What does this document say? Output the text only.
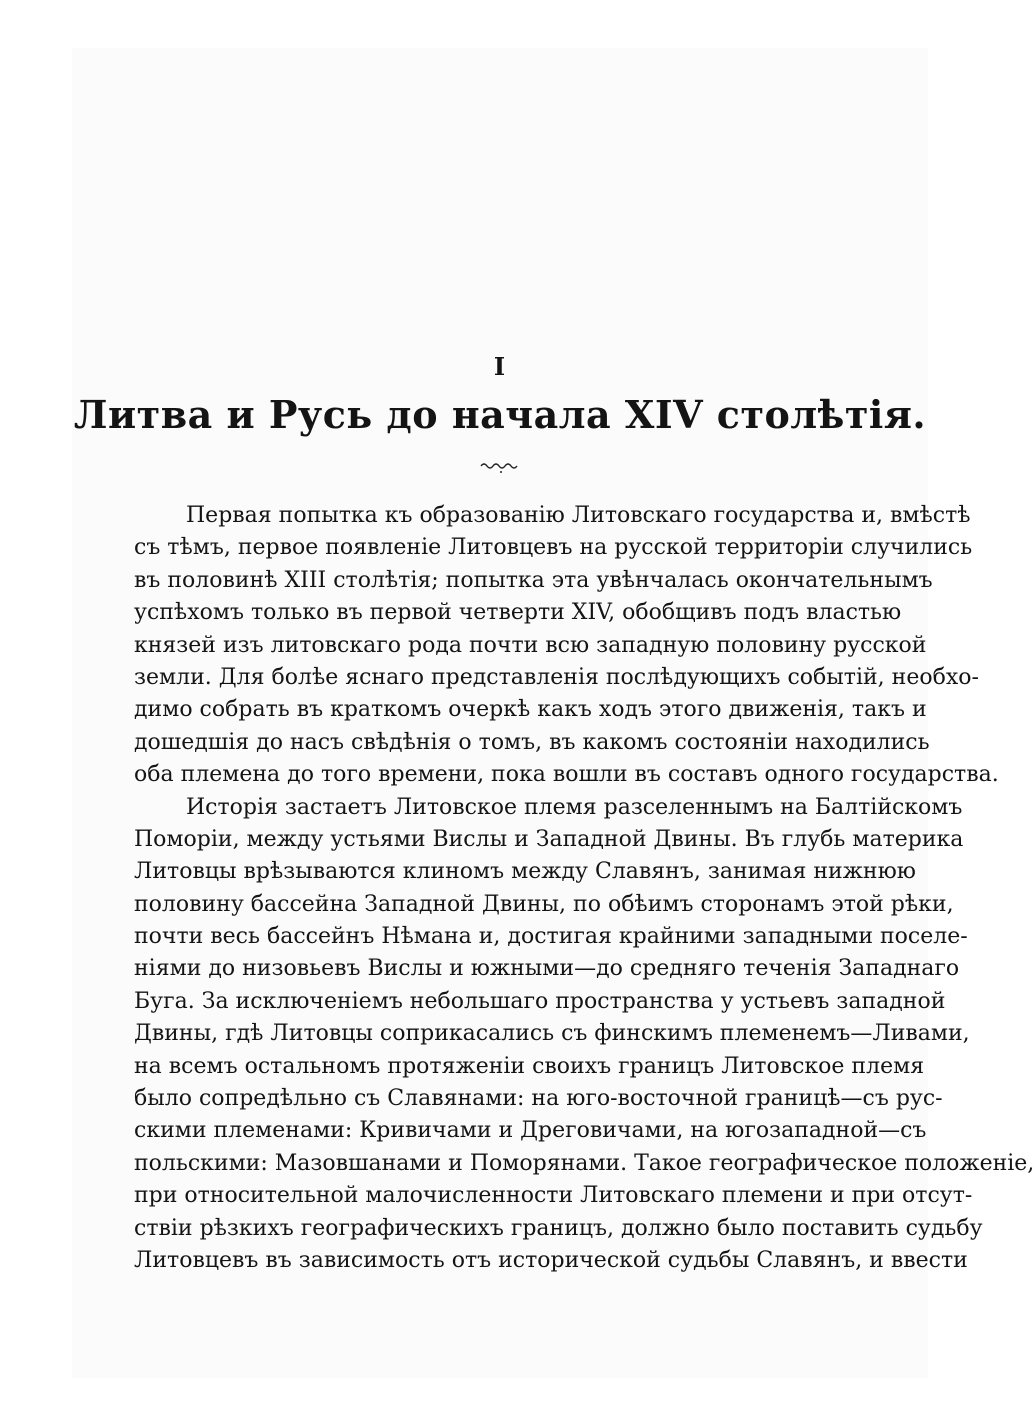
I
Литва и Русь до начала XIV столѣтія.
Первая попытка къ образованію Литовскаго государства и, вмѣстѣ
съ тѣмъ, первое появленіе Литовцевъ на русской территоріи случились
въ половинѣ XIII столѣтія; попытка эта увѣнчалась окончательнымъ
успѣхомъ только въ первой четверти XIV, обобщивъ подъ властью
князей изъ литовскаго рода почти всю западную половину русской
земли. Для болѣе яснаго представленія послѣдующихъ событій, необхо-
димо собрать въ краткомъ очеркѣ какъ ходъ этого движенія, такъ и
дошедшія до насъ свѣдѣнія о томъ, въ какомъ состояніи находились
оба племена до того времени, пока вошли въ составъ одного государства.
Исторія застаетъ Литовское племя разселеннымъ на Балтійскомъ
Поморіи, между устьями Вислы и Западной Двины. Въ глубь материка
Литовцы врѣзываются клиномъ между Славянъ, занимая нижнюю
половину бассейна Западной Двины, по обѣимъ сторонамъ этой рѣки,
почти весь бассейнъ Нѣмана и, достигая крайними западными поселе-
ніями до низовьевъ Вислы и южными—до средняго теченія Западнаго
Буга. За исключеніемъ небольшаго пространства у устьевъ западной
Двины, гдѣ Литовцы соприкасались съ финскимъ племенемъ—Ливами,
на всемъ остальномъ протяженіи своихъ границъ Литовское племя
было сопредѣльно съ Славянами: на юго-восточной границѣ—съ рус-
скими племенами: Кривичами и Дреговичами, на югозападной—съ
польскими: Мазовшанами и Поморянами. Такое географическое положеніе,
при относительной малочисленности Литовскаго племени и при отсут-
ствіи рѣзкихъ географическихъ границъ, должно было поставить судьбу
Литовцевъ въ зависимость отъ исторической судьбы Славянъ, и ввести
